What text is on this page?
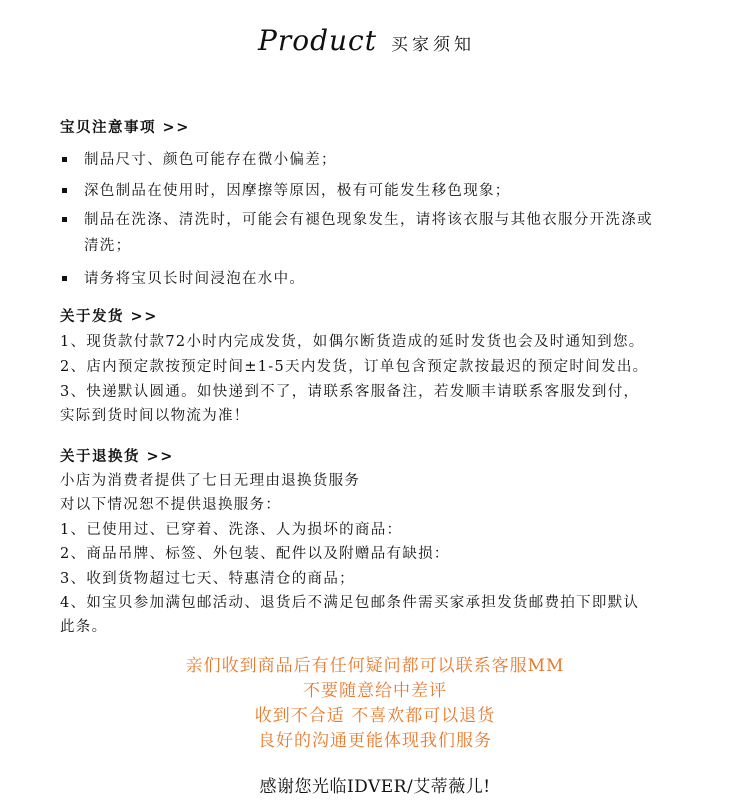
Product 买家须知
宝贝注意事项 >>
制品尺寸、颜色可能存在微小偏差；
深色制品在使用时，因摩擦等原因，极有可能发生移色现象；
制品在洗涤、清洗时，可能会有褪色现象发生，请将该衣服与其他衣服分开洗涤或
清洗；
请务将宝贝长时间浸泡在水中。
关于发货 >>
1、现货款付款72小时内完成发货，如偶尔断货造成的延时发货也会及时通知到您。
2、店内预定款按预定时间±1-5天内发货，订单包含预定款按最迟的预定时间发出。
3、快递默认圆通。如快递到不了，请联系客服备注，若发顺丰请联系客服发到付，
实际到货时间以物流为准！
关于退换货 >>
小店为消费者提供了七日无理由退换货服务
对以下情况恕不提供退换服务：
1、已使用过、已穿着、洗涤、人为损坏的商品：
2、商品吊牌、标签、外包装、配件以及附赠品有缺损：
3、收到货物超过七天、特惠清仓的商品；
4、如宝贝参加满包邮活动、退货后不满足包邮条件需买家承担发货邮费拍下即默认
此条。
亲们收到商品后有任何疑问都可以联系客服MM
不要随意给中差评
收到不合适 不喜欢都可以退货
良好的沟通更能体现我们服务
感谢您光临IDVER/艾蒂薇儿!
